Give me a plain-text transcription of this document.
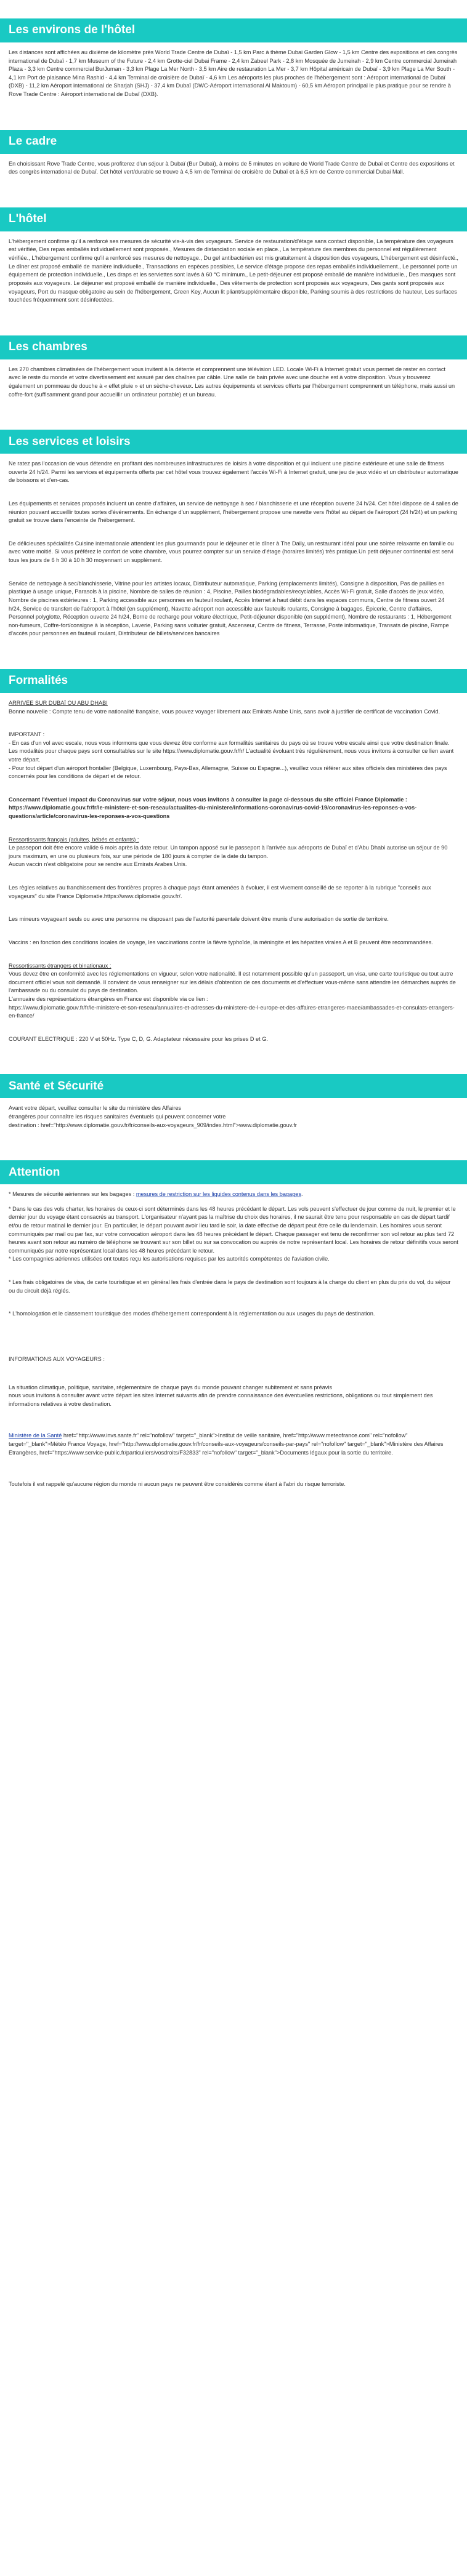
Les environs de l'hôtel

Les distances sont affichées au dixième de kilomètre près World Trade Centre de Dubaï - 1,5 km Parc à thème Dubai Garden Glow - 1,5 km Centre des expositions et des congrès international de Dubaï - 1,7 km Museum of the Future - 2,4 km Grotte-ciel Dubai Frame - 2,4 km Zabeel Park - 2,8 km Mosquée de Jumeirah - 2,9 km Centre commercial Jumeirah Plaza - 3,3 km Centre commercial BurJuman - 3,3 km Plage La Mer North - 3,5 km Aire de restauration La Mer - 3,7 km Hôpital américain de Dubaï - 3,9 km Plage La Mer South - 4,1 km Port de plaisance Mina Rashid - 4,4 km Terminal de croisière de Dubaï - 4,6 km Les aéroports les plus proches de l'hébergement sont : Aéroport international de Dubaï (DXB) - 11,2 km Aéroport international de Sharjah (SHJ) - 37,4 km Dubaï (DWC-Aéroport international Al Maktoum) - 60,5 km Aéroport principal le plus pratique pour se rendre à Rove Trade Centre : Aéroport international de Dubaï (DXB).

Le cadre

En choisissant Rove Trade Centre, vous profiterez d'un séjour à Dubaï (Bur Dubaï), à moins de 5 minutes en voiture de World Trade Centre de Dubaï et Centre des expositions et des congrès international de Dubaï. Cet hôtel vert/durable se trouve à 4,5 km de Terminal de croisière de Dubaï et à 6,5 km de Centre commercial Dubai Mall.

L'hôtel

L'hébergement confirme qu'il a renforcé ses mesures de sécurité vis-à-vis des voyageurs. Service de restauration/d'étage sans contact disponible, La température des voyageurs est vérifiée, Des repas emballés individuellement sont proposés., Mesures de distanciation sociale en place., La température des membres du personnel est régulièrement vérifiée., L'hébergement confirme qu'il a renforcé ses mesures de nettoyage., Du gel antibactérien est mis gratuitement à disposition des voyageurs, L'hébergement est désinfecté., Le dîner est proposé emballé de manière individuelle., Transactions en espèces possibles, Le service d'étage propose des repas emballés individuellement., Le personnel porte un équipement de protection individuelle., Les draps et les serviettes sont lavés à 60 °C minimum., Le petit-déjeuner est proposé emballé de manière individuelle., Des masques sont proposés aux voyageurs. Le déjeuner est proposé emballé de manière individuelle., Des vêtements de protection sont proposés aux voyageurs, Des gants sont proposés aux voyageurs, Port du masque obligatoire au sein de l'hébergement, Green Key, Aucun lit pliant/supplémentaire disponible, Parking soumis à des restrictions de hauteur, Les surfaces touchées fréquemment sont désinfectées.

Les chambres

Les 270 chambres climatisées de l'hébergement vous invitent à la détente et comprennent une télévision LED. Locale Wi-Fi à Internet gratuit vous permet de rester en contact avec le reste du monde et votre divertissement est assuré par des chaînes par câble. Une salle de bain privée avec une douche est à votre disposition. Vous y trouverez également un pommeau de douche à « effet pluie » et un sèche-cheveux. Les autres équipements et services offerts par l'hébergement comprennent un téléphone, mais aussi un coffre-fort (suffisamment grand pour accueillir un ordinateur portable) et un bureau.

Les services et loisirs

Ne ratez pas l'occasion de vous détendre en profitant des nombreuses infrastructures de loisirs à votre disposition et qui incluent une piscine extérieure et une salle de fitness ouverte 24 h/24. Parmi les services et équipements offerts par cet hôtel vous trouvez également l'accès Wi-Fi à Internet gratuit, une jeu de jeux vidéo et un distributeur automatique de boissons et d'en-cas.

Les équipements et services proposés incluent un centre d'affaires, un service de nettoyage à sec / blanchisserie et une réception ouverte 24 h/24. Cet hôtel dispose de 4 salles de réunion pouvant accueillir toutes sortes d'événements. En échange d'un supplément, l'hébergement propose une navette vers l'hôtel au départ de l'aéroport (24 h/24) et un parking gratuit se trouve dans l'enceinte de l'hébergement.

De délicieuses spécialités Cuisine internationale attendent les plus gourmands pour le déjeuner et le dîner à The Daily, un restaurant idéal pour une soirée relaxante en famille ou avec votre moitié. Si vous préférez le confort de votre chambre, vous pourrez compter sur un service d'étage (horaires limités) très pratique.Un petit déjeuner continental est servi tous les jours de 6 h 30 à 10 h 30 moyennant un supplément.

Service de nettoyage à sec/blanchisserie, Vitrine pour les artistes locaux, Distributeur automatique, Parking (emplacements limités), Consigne à disposition, Pas de paillies en plastique à usage unique, Parasols à la piscine, Nombre de salles de réunion : 4, Piscine, Pailles biodégradables/recyclables, Accès Wi-Fi gratuit, Salle d'accès de jeux vidéo, Nombre de piscines extérieures : 1, Parking accessible aux personnes en fauteuil roulant, Accès Internet à haut débit dans les espaces communs, Centre de fitness ouvert 24 h/24, Service de transfert de l'aéroport à l'hôtel (en supplément), Navette aéroport non accessible aux fauteuils roulants, Consigne à bagages, Épicerie, Centre d'affaires, Personnel polyglotte, Réception ouverte 24 h/24, Borne de recharge pour voiture électrique, Petit-déjeuner disponible (en supplément), Nombre de restaurants : 1, Hébergement non-fumeurs, Coffre-fort/consigne à la réception, Laverie, Parking sans voiturier gratuit, Ascenseur, Centre de fitness, Terrasse, Poste informatique, Transats de piscine, Rampe d'accès pour personnes en fauteuil roulant, Distributeur de billets/services bancaires

Formalités

ARRIVÉE SUR DUBAÏ OU ABU DHABI

Bonne nouvelle : Compte tenu de votre nationalité française, vous pouvez voyager librement aux Emirats Arabe Unis, sans avoir à justifier de certificat de vaccination Covid.

IMPORTANT :

- En cas d'un vol avec escale, nous vous informons que vous devrez être conforme aux formalités sanitaires du pays où se trouve votre escale ainsi que votre destination finale.
Les modalités pour chaque pays sont consultables sur le site https://www.diplomatie.gouv.fr/fr/ L'actualité évoluant très régulièrement, nous vous invitons à consulter ce lien avant votre départ.
- Pour tout départ d'un aéroport frontalier (Belgique, Luxembourg, Pays-Bas, Allemagne, Suisse ou Espagne...), veuillez vous référer aux sites officiels des ministères des pays concernés pour les conditions de départ et de retour.

Concernant l'éventuel impact du Coronavirus sur votre séjour, nous vous invitons à consulter la page ci-dessous du site officiel France Diplomatie :
https://www.diplomatie.gouv.fr/fr/le-ministere-et-son-reseau/actualites-du-ministere/informations-coronavirus-covid-19/coronavirus-les-reponses-a-vos-questions/article/coronavirus-les-reponses-a-vos-questions

Ressortissants français (adultes, bébés et enfants) :

Le passeport doit être encore valide 6 mois après la date retour. Un tampon apposé sur le passeport à l'arrivée aux aéroports de Dubaï et d'Abu Dhabi autorise un séjour de 90 jours maximum, en une ou plusieurs fois, sur une période de 180 jours à compter de la date du tampon.
Aucun vaccin n'est obligatoire pour se rendre aux Emirats Arabes Unis.

Les règles relatives au franchissement des frontières propres à chaque pays étant amenées à évoluer, il est vivement conseillé de se reporter à la rubrique "conseils aux voyageurs" du site France Diplomatie.https://www.diplomatie.gouv.fr/.

Les mineurs voyageant seuls ou avec une personne ne disposant pas de l'autorité parentale doivent être munis d'une autorisation de sortie de territoire.

Vaccins : en fonction des conditions locales de voyage, les vaccinations contre la fièvre typhoïde, la méningite et les hépatites virales A et B peuvent être recommandées.

Ressortissants étrangers et binationaux :

Vous devez être en conformité avec les réglementations en vigueur, selon votre nationalité. Il est notamment possible qu'un passeport, un visa, une carte touristique ou tout autre document officiel vous soit demandé. Il convient de vous renseigner sur les délais d'obtention de ces documents et d'effectuer vous-même sans attendre les démarches auprès de l'ambassade ou du consulat du pays de destination.
L'annuaire des représentations étrangères en France est disponible via ce lien :
https://www.diplomatie.gouv.fr/fr/le-ministere-et-son-reseau/annuaires-et-adresses-du-ministere-de-l-europe-et-des-affaires-etrangeres-maee/ambassades-et-consulats-etrangers-en-france/

COURANT ELECTRIQUE : 220 V et 50Hz. Type C, D, G. Adaptateur nécessaire pour les prises D et G.

Santé et Sécurité

Avant votre départ, veuillez consulter le site du ministère des Affaires
étrangères pour connaître les risques sanitaires éventuels qui peuvent concerner votre
destination : href="http://www.diplomatie.gouv.fr/fr/conseils-aux-voyageurs_909/index.html">www.diplomatie.gouv.fr

Attention

* Mesures de sécurité aériennes sur les bagages : mesures de restriction sur les liquides contenus dans les bagages.

* Dans le cas des vols charter, les horaires de ceux-ci sont déterminés dans les 48 heures précédant le départ. Les vols peuvent s'effectuer de jour comme de nuit, le premier et le dernier jour du voyage étant consacrés au transport. L'organisateur n'ayant pas la maîtrise du choix des horaires, il ne saurait être tenu pour responsable en cas de départ tardif et/ou de retour matinal le dernier jour. En particulier, le départ pouvant avoir lieu tard le soir, la date effective de départ peut être celle du lendemain. Les horaires vous seront communiqués par mail ou par fax, sur votre convocation aéroport dans les 48 heures précédant le départ. Chaque passager est tenu de reconfirmer son vol retour au plus tard 72 heures avant son retour au numéro de téléphone se trouvant sur son billet ou sur sa convocation ou auprès de notre représentant local. Les horaires de retour définitifs vous seront communiqués par notre représentant local dans les 48 heures précédant le retour.
* Les compagnies aériennes utilisées ont toutes reçu les autorisations requises par les autorités compétentes de l'aviation civile.

* Les frais obligatoires de visa, de carte touristique et en général les frais d'entrée dans le pays de destination sont toujours à la charge du client en plus du prix du vol, du séjour ou du circuit déjà réglés.

* L'homologation et le classement touristique des modes d'hébergement correspondent à la réglementation ou aux usages du pays de destination.

INFORMATIONS AUX VOYAGEURS :

La situation climatique, politique, sanitaire, réglementaire de chaque pays du monde pouvant changer subitement et sans préavis
nous vous invitons à consulter avant votre départ les sites Internet suivants afin de prendre connaissance des éventuelles restrictions, obligations ou tout simplement des informations relatives à votre destination.

Ministère de la Santé href="http://www.invs.sante.fr" rel="nofollow" target="_blank">Institut de veille sanitaire, href="http://www.meteofrance.com" rel="nofollow" target="_blank">Météo France Voyage, href="http://www.diplomatie.gouv.fr/fr/conseils-aux-voyageurs/conseils-par-pays" rel="nofollow" target="_blank">Ministère des Affaires Etrangères, href="https://www.service-public.fr/particuliers/vosdroits/F32833" rel="nofollow" target="_blank">Documents légaux pour la sortie du territoire.

Toutefois il est rappelé qu'aucune région du monde ni aucun pays ne peuvent être considérés comme étant à l'abri du risque terroriste.
